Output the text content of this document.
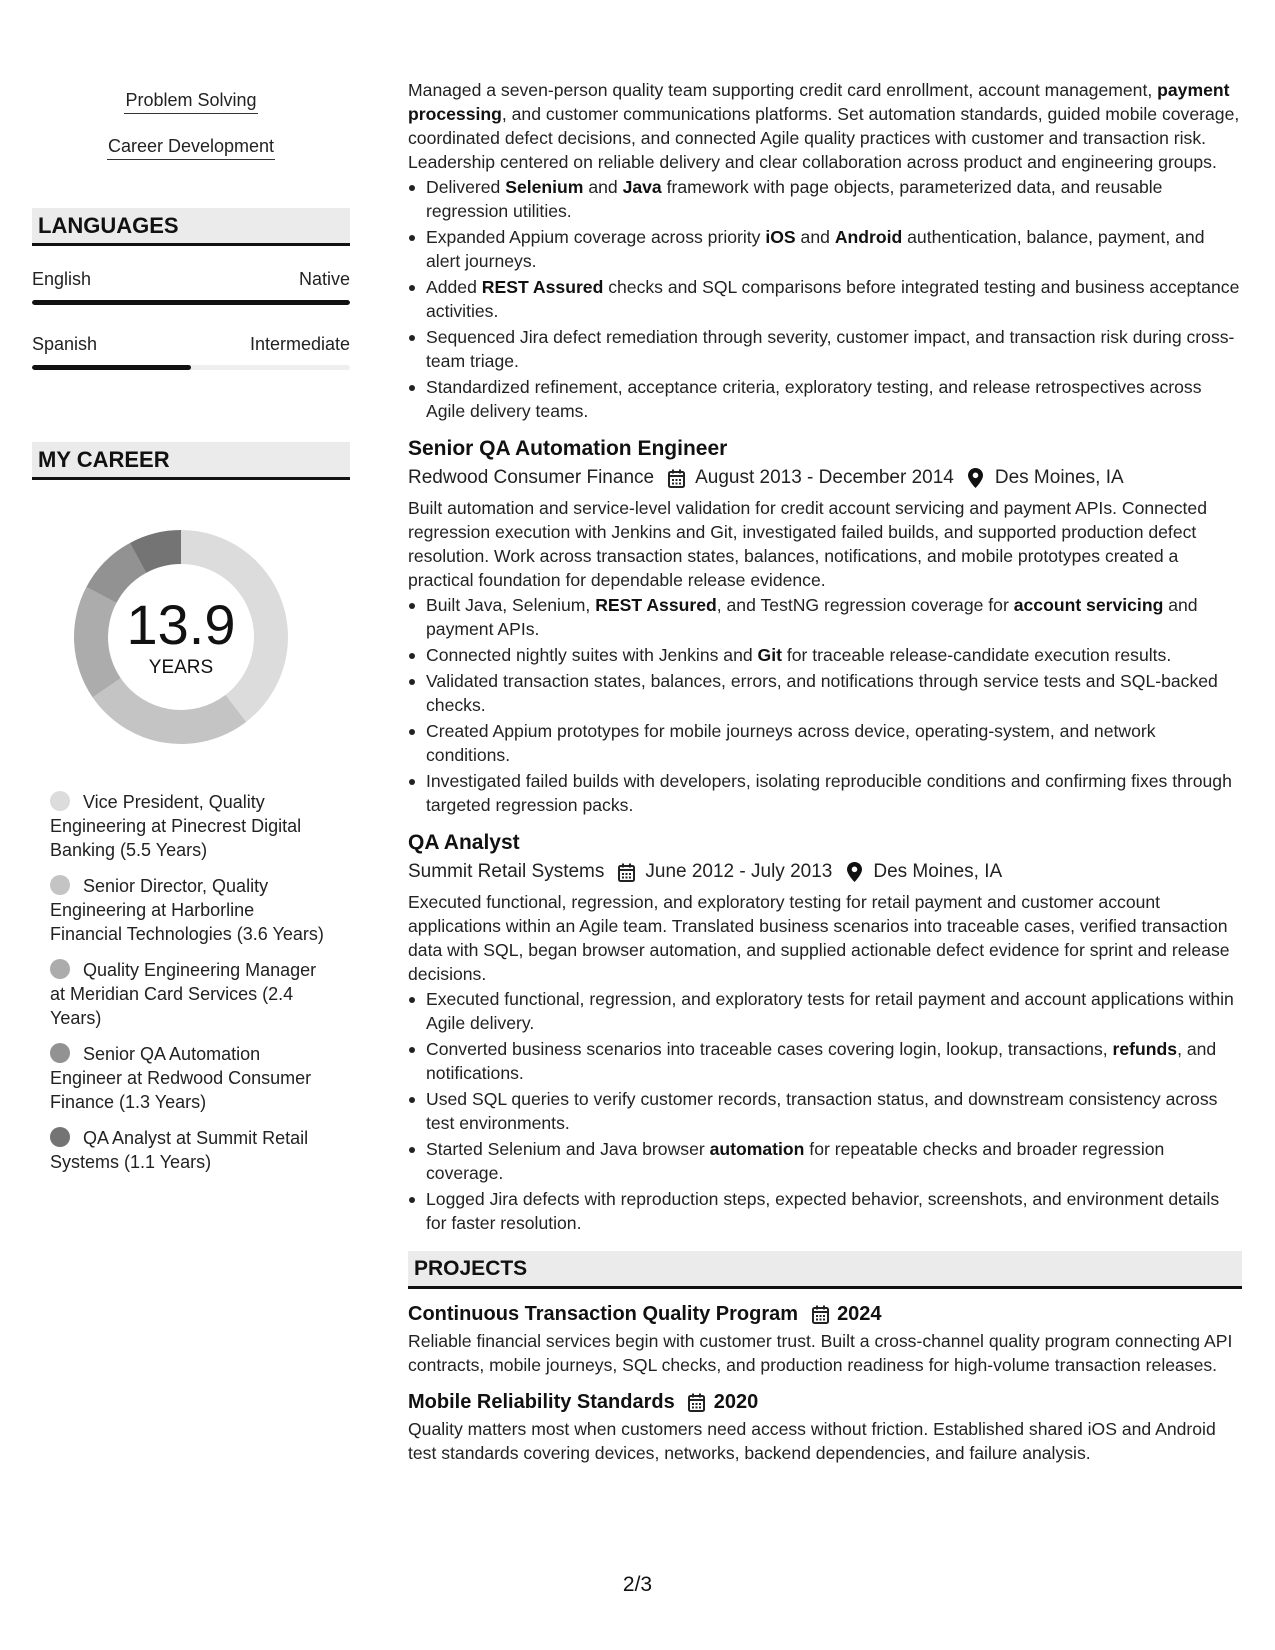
Problem Solving
Career Development
LANGUAGES
English	Native
Spanish	Intermediate
MY CAREER
13.9
YEARS
Vice President, Quality Engineering at Pinecrest Digital Banking (5.5 Years)
Senior Director, Quality Engineering at Harborline Financial Technologies (3.6 Years)
Quality Engineering Manager at Meridian Card Services (2.4 Years)
Senior QA Automation Engineer at Redwood Consumer Finance (1.3 Years)
QA Analyst at Summit Retail Systems (1.1 Years)

Managed a seven-person quality team supporting credit card enrollment, account management, payment processing, and customer communications platforms. Set automation standards, guided mobile coverage, coordinated defect decisions, and connected Agile quality practices with customer and transaction risk. Leadership centered on reliable delivery and clear collaboration across product and engineering groups.

Delivered Selenium and Java framework with page objects, parameterized data, and reusable regression utilities.
Expanded Appium coverage across priority iOS and Android authentication, balance, payment, and alert journeys.
Added REST Assured checks and SQL comparisons before integrated testing and business acceptance activities.
Sequenced Jira defect remediation through severity, customer impact, and transaction risk during cross-team triage.
Standardized refinement, acceptance criteria, exploratory testing, and release retrospectives across Agile delivery teams.
Senior QA Automation Engineer
Redwood Consumer Finance August 2013 - December 2014 Des Moines, IA

Built automation and service-level validation for credit account servicing and payment APIs. Connected regression execution with Jenkins and Git, investigated failed builds, and supported production defect resolution. Work across transaction states, balances, notifications, and mobile prototypes created a practical foundation for dependable release evidence.

Built Java, Selenium, REST Assured, and TestNG regression coverage for account servicing and payment APIs.
Connected nightly suites with Jenkins and Git for traceable release-candidate execution results.
Validated transaction states, balances, errors, and notifications through service tests and SQL-backed checks.
Created Appium prototypes for mobile journeys across device, operating-system, and network conditions.
Investigated failed builds with developers, isolating reproducible conditions and confirming fixes through targeted regression packs.
QA Analyst
Summit Retail Systems June 2012 - July 2013 Des Moines, IA

Executed functional, regression, and exploratory testing for retail payment and customer account applications within an Agile team. Translated business scenarios into traceable cases, verified transaction data with SQL, began browser automation, and supplied actionable defect evidence for sprint and release decisions.

Executed functional, regression, and exploratory tests for retail payment and account applications within Agile delivery.
Converted business scenarios into traceable cases covering login, lookup, transactions, refunds, and notifications.
Used SQL queries to verify customer records, transaction status, and downstream consistency across test environments.
Started Selenium and Java browser automation for repeatable checks and broader regression coverage.
Logged Jira defects with reproduction steps, expected behavior, screenshots, and environment details for faster resolution.
PROJECTS
Continuous Transaction Quality Program 2024

Reliable financial services begin with customer trust. Built a cross-channel quality program connecting API contracts, mobile journeys, SQL checks, and production readiness for high-volume transaction releases.

Mobile Reliability Standards 2020

Quality matters most when customers need access without friction. Established shared iOS and Android test standards covering devices, networks, backend dependencies, and failure analysis.

2/3
